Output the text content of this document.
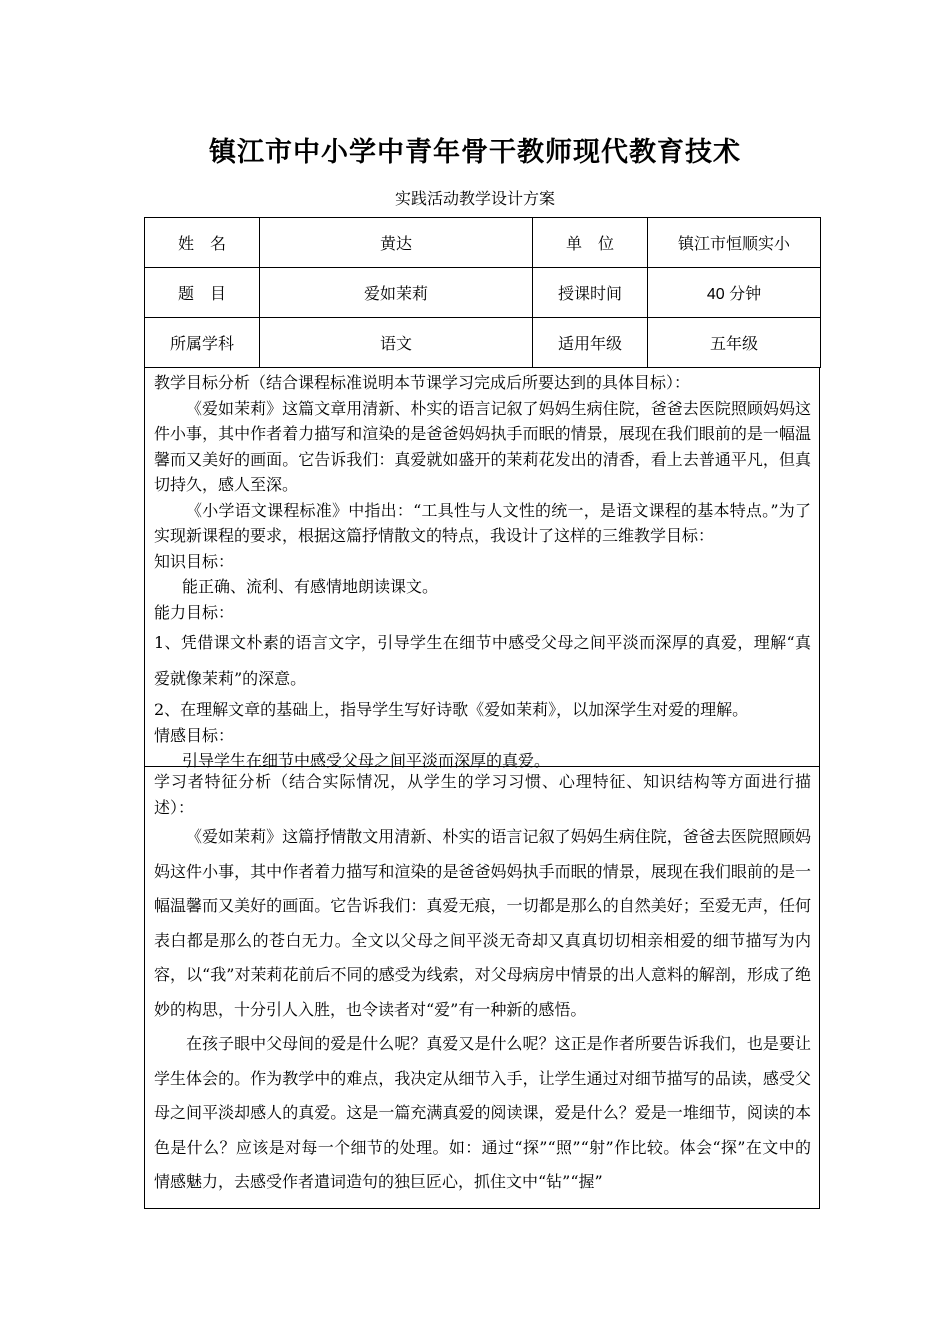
镇江市中小学中青年骨干教师现代教育技术
实践活动教学设计方案
姓　名	黄达	单　位	镇江市恒顺实小
题　目	爱如茉莉	授课时间	40 分钟
所属学科	语文	适用年级	五年级

教学目标分析（结合课程标准说明本节课学习完成后所要达到的具体目标）：

《爱如茉莉》这篇文章用清新、朴实的语言记叙了妈妈生病住院，爸爸去医院照顾妈妈这件小事，其中作者着力描写和渲染的是爸爸妈妈执手而眠的情景，展现在我们眼前的是一幅温馨而又美好的画面。它告诉我们：真爱就如盛开的茉莉花发出的清香，看上去普通平凡，但真切持久，感人至深。

《小学语文课程标准》中指出：“工具性与人文性的统一，是语文课程的基本特点。”为了实现新课程的要求，根据这篇抒情散文的特点，我设计了这样的三维教学目标：

知识目标：

能正确、流利、有感情地朗读课文。

能力目标：

1、凭借课文朴素的语言文字，引导学生在细节中感受父母之间平淡而深厚的真爱，理解“真爱就像茉莉”的深意。

2、在理解文章的基础上，指导学生写好诗歌《爱如茉莉》，以加深学生对爱的理解。

情感目标：

引导学生在细节中感受父母之间平淡而深厚的真爱。

学习者特征分析（结合实际情况，从学生的学习习惯、心理特征、知识结构等方面进行描述）：

《爱如茉莉》这篇抒情散文用清新、朴实的语言记叙了妈妈生病住院，爸爸去医院照顾妈妈这件小事，其中作者着力描写和渲染的是爸爸妈妈执手而眠的情景，展现在我们眼前的是一幅温馨而又美好的画面。它告诉我们：真爱无痕，一切都是那么的自然美好；至爱无声，任何表白都是那么的苍白无力。全文以父母之间平淡无奇却又真真切切相亲相爱的细节描写为内容，以“我”对茉莉花前后不同的感受为线索，对父母病房中情景的出人意料的解剖，形成了绝妙的构思，十分引人入胜，也令读者对“爱”有一种新的感悟。

在孩子眼中父母间的爱是什么呢？真爱又是什么呢？这正是作者所要告诉我们，也是要让学生体会的。作为教学中的难点，我决定从细节入手，让学生通过对细节描写的品读，感受父母之间平淡却感人的真爱。这是一篇充满真爱的阅读课，爱是什么？爱是一堆细节，阅读的本色是什么？应该是对每一个细节的处理。如：通过“探”“照”“射”作比较。体会“探”在文中的情感魅力，去感受作者遣词造句的独巨匠心，抓住文中“钻”“握”
